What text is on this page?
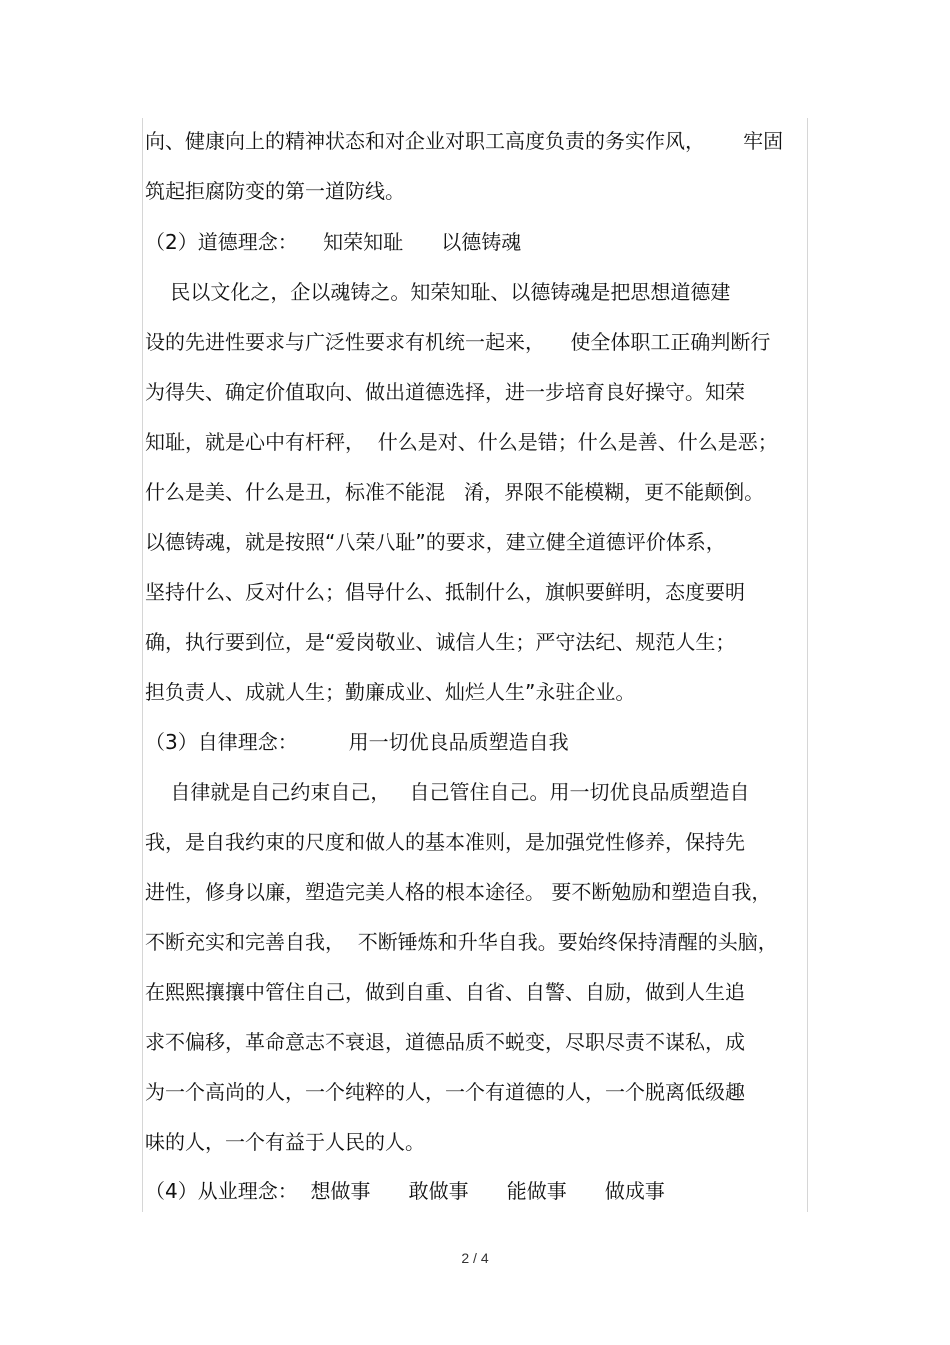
向、健康向上的精神状态和对企业对职工高度负责的务实作风，      牢固
筑起拒腐防变的第一道防线。
（2）道德理念：    知荣知耻      以德铸魂
民以文化之，企以魂铸之。知荣知耻、以德铸魂是把思想道德建
设的先进性要求与广泛性要求有机统一起来，    使全体职工正确判断行
为得失、确定价值取向、做出道德选择，进一步培育良好操守。知荣
知耻，就是心中有杆秤，  什么是对、什么是错；什么是善、什么是恶；
什么是美、什么是丑，标准不能混   淆，界限不能模糊，更不能颠倒。
以德铸魂，就是按照“八荣八耻”的要求，建立健全道德评价体系，
坚持什么、反对什么；倡导什么、抵制什么，旗帜要鲜明，态度要明
确，执行要到位，是“爱岗敬业、诚信人生；严守法纪、规范人生；
担负责人、成就人生；勤廉成业、灿烂人生”永驻企业。
（3）自律理念：        用一切优良品质塑造自我
自律就是自己约束自己，   自己管住自己。用一切优良品质塑造自
我，是自我约束的尺度和做人的基本准则，是加强党性修养，保持先
进性，修身以廉，塑造完美人格的根本途径。 要不断勉励和塑造自我，
不断充实和完善自我，  不断锤炼和升华自我。要始终保持清醒的头脑，
在熙熙攘攘中管住自己，做到自重、自省、自警、自励，做到人生追
求不偏移，革命意志不衰退，道德品质不蜕变，尽职尽责不谋私，成
为一个高尚的人，一个纯粹的人，一个有道德的人，一个脱离低级趣
味的人，一个有益于人民的人。
（4）从业理念：  想做事      敢做事      能做事      做成事
2 / 4
